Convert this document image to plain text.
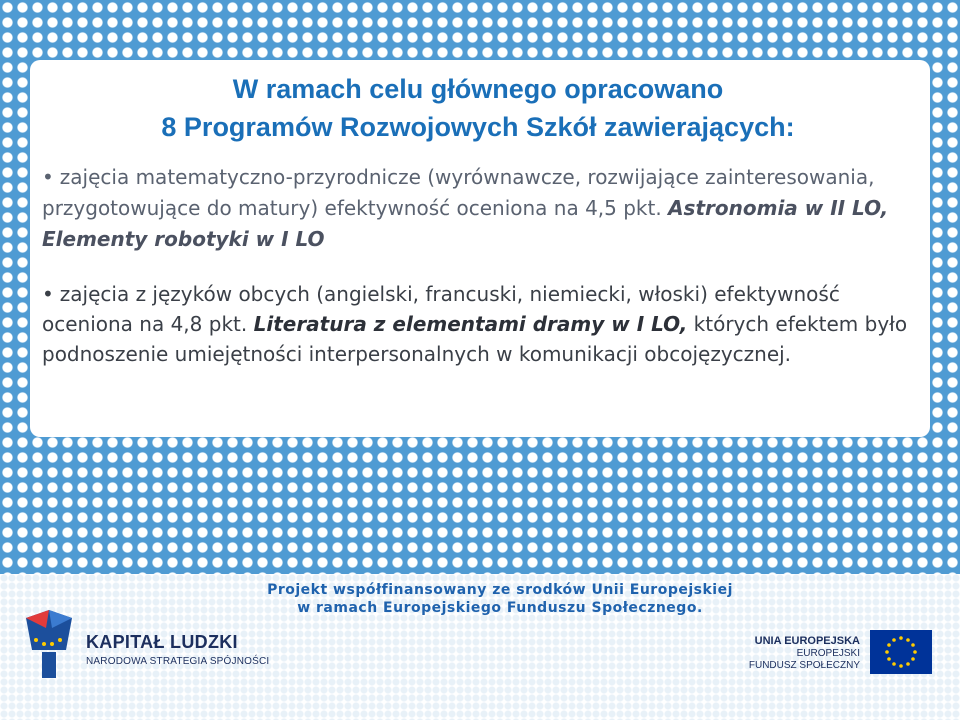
W ramach celu głównego opracowano
8 Programów Rozwojowych Szkół zawierających:

• zajęcia matematyczno-przyrodnicze (wyrównawcze, rozwijające zainteresowania, przygotowujące do matury) efektywność oceniona na 4,5 pkt. Astronomia w II LO, Elementy robotyki w I LO

• zajęcia z języków obcych (angielski, francuski, niemiecki, włoski) efektywność oceniona na 4,8 pkt. Literatura z elementami dramy w I LO, których efektem było podnoszenie umiejętności interpersonalnych w komunikacji obcojęzycznej.

Projekt współfinansowany ze srodków Unii Europejskiej
w ramach Europejskiego Funduszu Społecznego.
KAPITAŁ LUDZKI
NARODOWA STRATEGIA SPÓJNOŚCI
UNIA EUROPEJSKA
EUROPEJSKI
FUNDUSZ SPOŁECZNY
